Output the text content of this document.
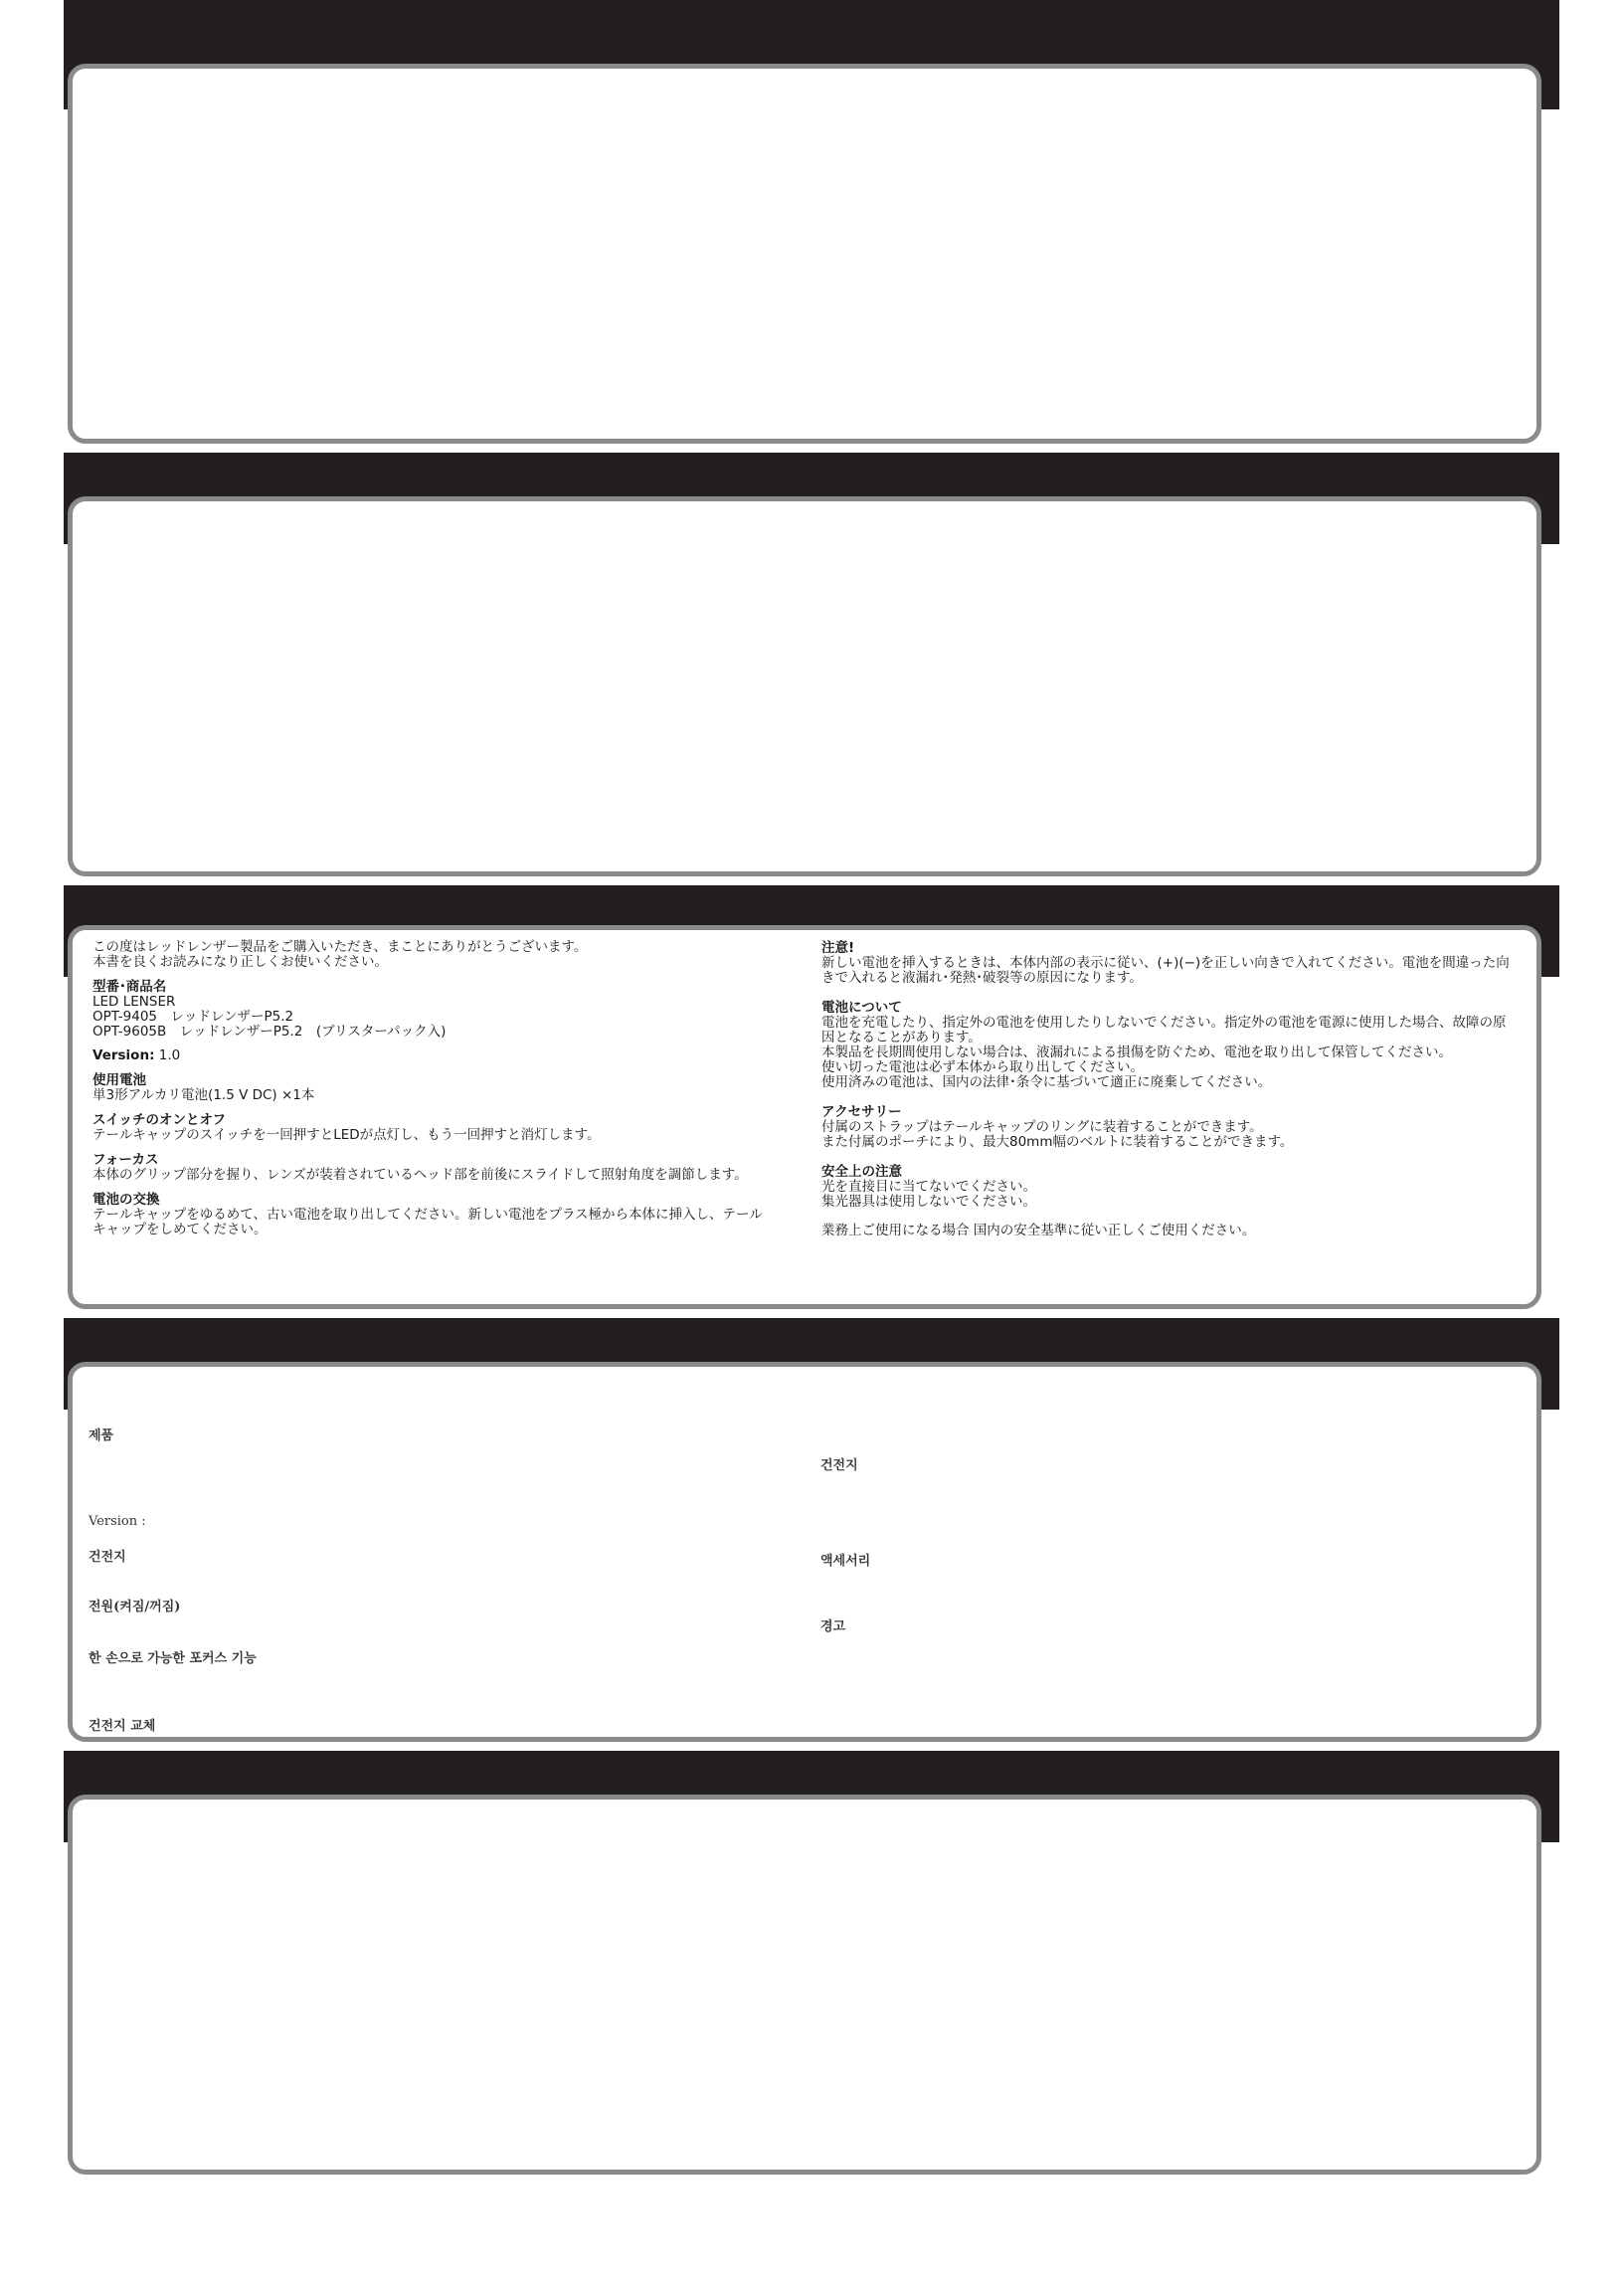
この度はレッドレンザー製品をご購入いただき、まことにありがとうございます。

本書を良くお読みになり正しくお使いください。

型番･商品名

LED LENSER

OPT-9405　レッドレンザーP5.2

OPT-9605B　レッドレンザーP5.2　(ブリスターパック入)

Version: 1.0

使用電池

単3形アルカリ電池(1.5 V DC) ×1本

スイッチのオンとオフ

テールキャップのスイッチを一回押すとLEDが点灯し、もう一回押すと消灯します。

フォーカス

本体のグリップ部分を握り、レンズが装着されているヘッド部を前後にスライドして照射角度を調節します。

電池の交換

テールキャップをゆるめて、古い電池を取り出してください。新しい電池をプラス極から本体に挿入し、テール

キャップをしめてください。

注意!

新しい電池を挿入するときは、本体内部の表示に従い、(+)(−)を正しい向きで入れてください。電池を間違った向

きで入れると液漏れ･発熱･破裂等の原因になります。

電池について

電池を充電したり、指定外の電池を使用したりしないでください。指定外の電池を電源に使用した場合、故障の原

因となることがあります。

本製品を長期間使用しない場合は、液漏れによる損傷を防ぐため、電池を取り出して保管してください。

使い切った電池は必ず本体から取り出してください。

使用済みの電池は、国内の法律･条令に基づいて適正に廃棄してください。

アクセサリー

付属のストラップはテールキャップのリングに装着することができます。

また付属のポーチにより、最大80mm幅のベルトに装着することができます。

安全上の注意

光を直接目に当てないでください。

集光器具は使用しないでください。

業務上ご使用になる場合 国内の安全基準に従い正しくご使用ください。

제품
Version :
건전지
전원(켜짐/꺼짐)
한 손으로 가능한 포커스 기능
건전지 교체
건전지
액세서리
경고
